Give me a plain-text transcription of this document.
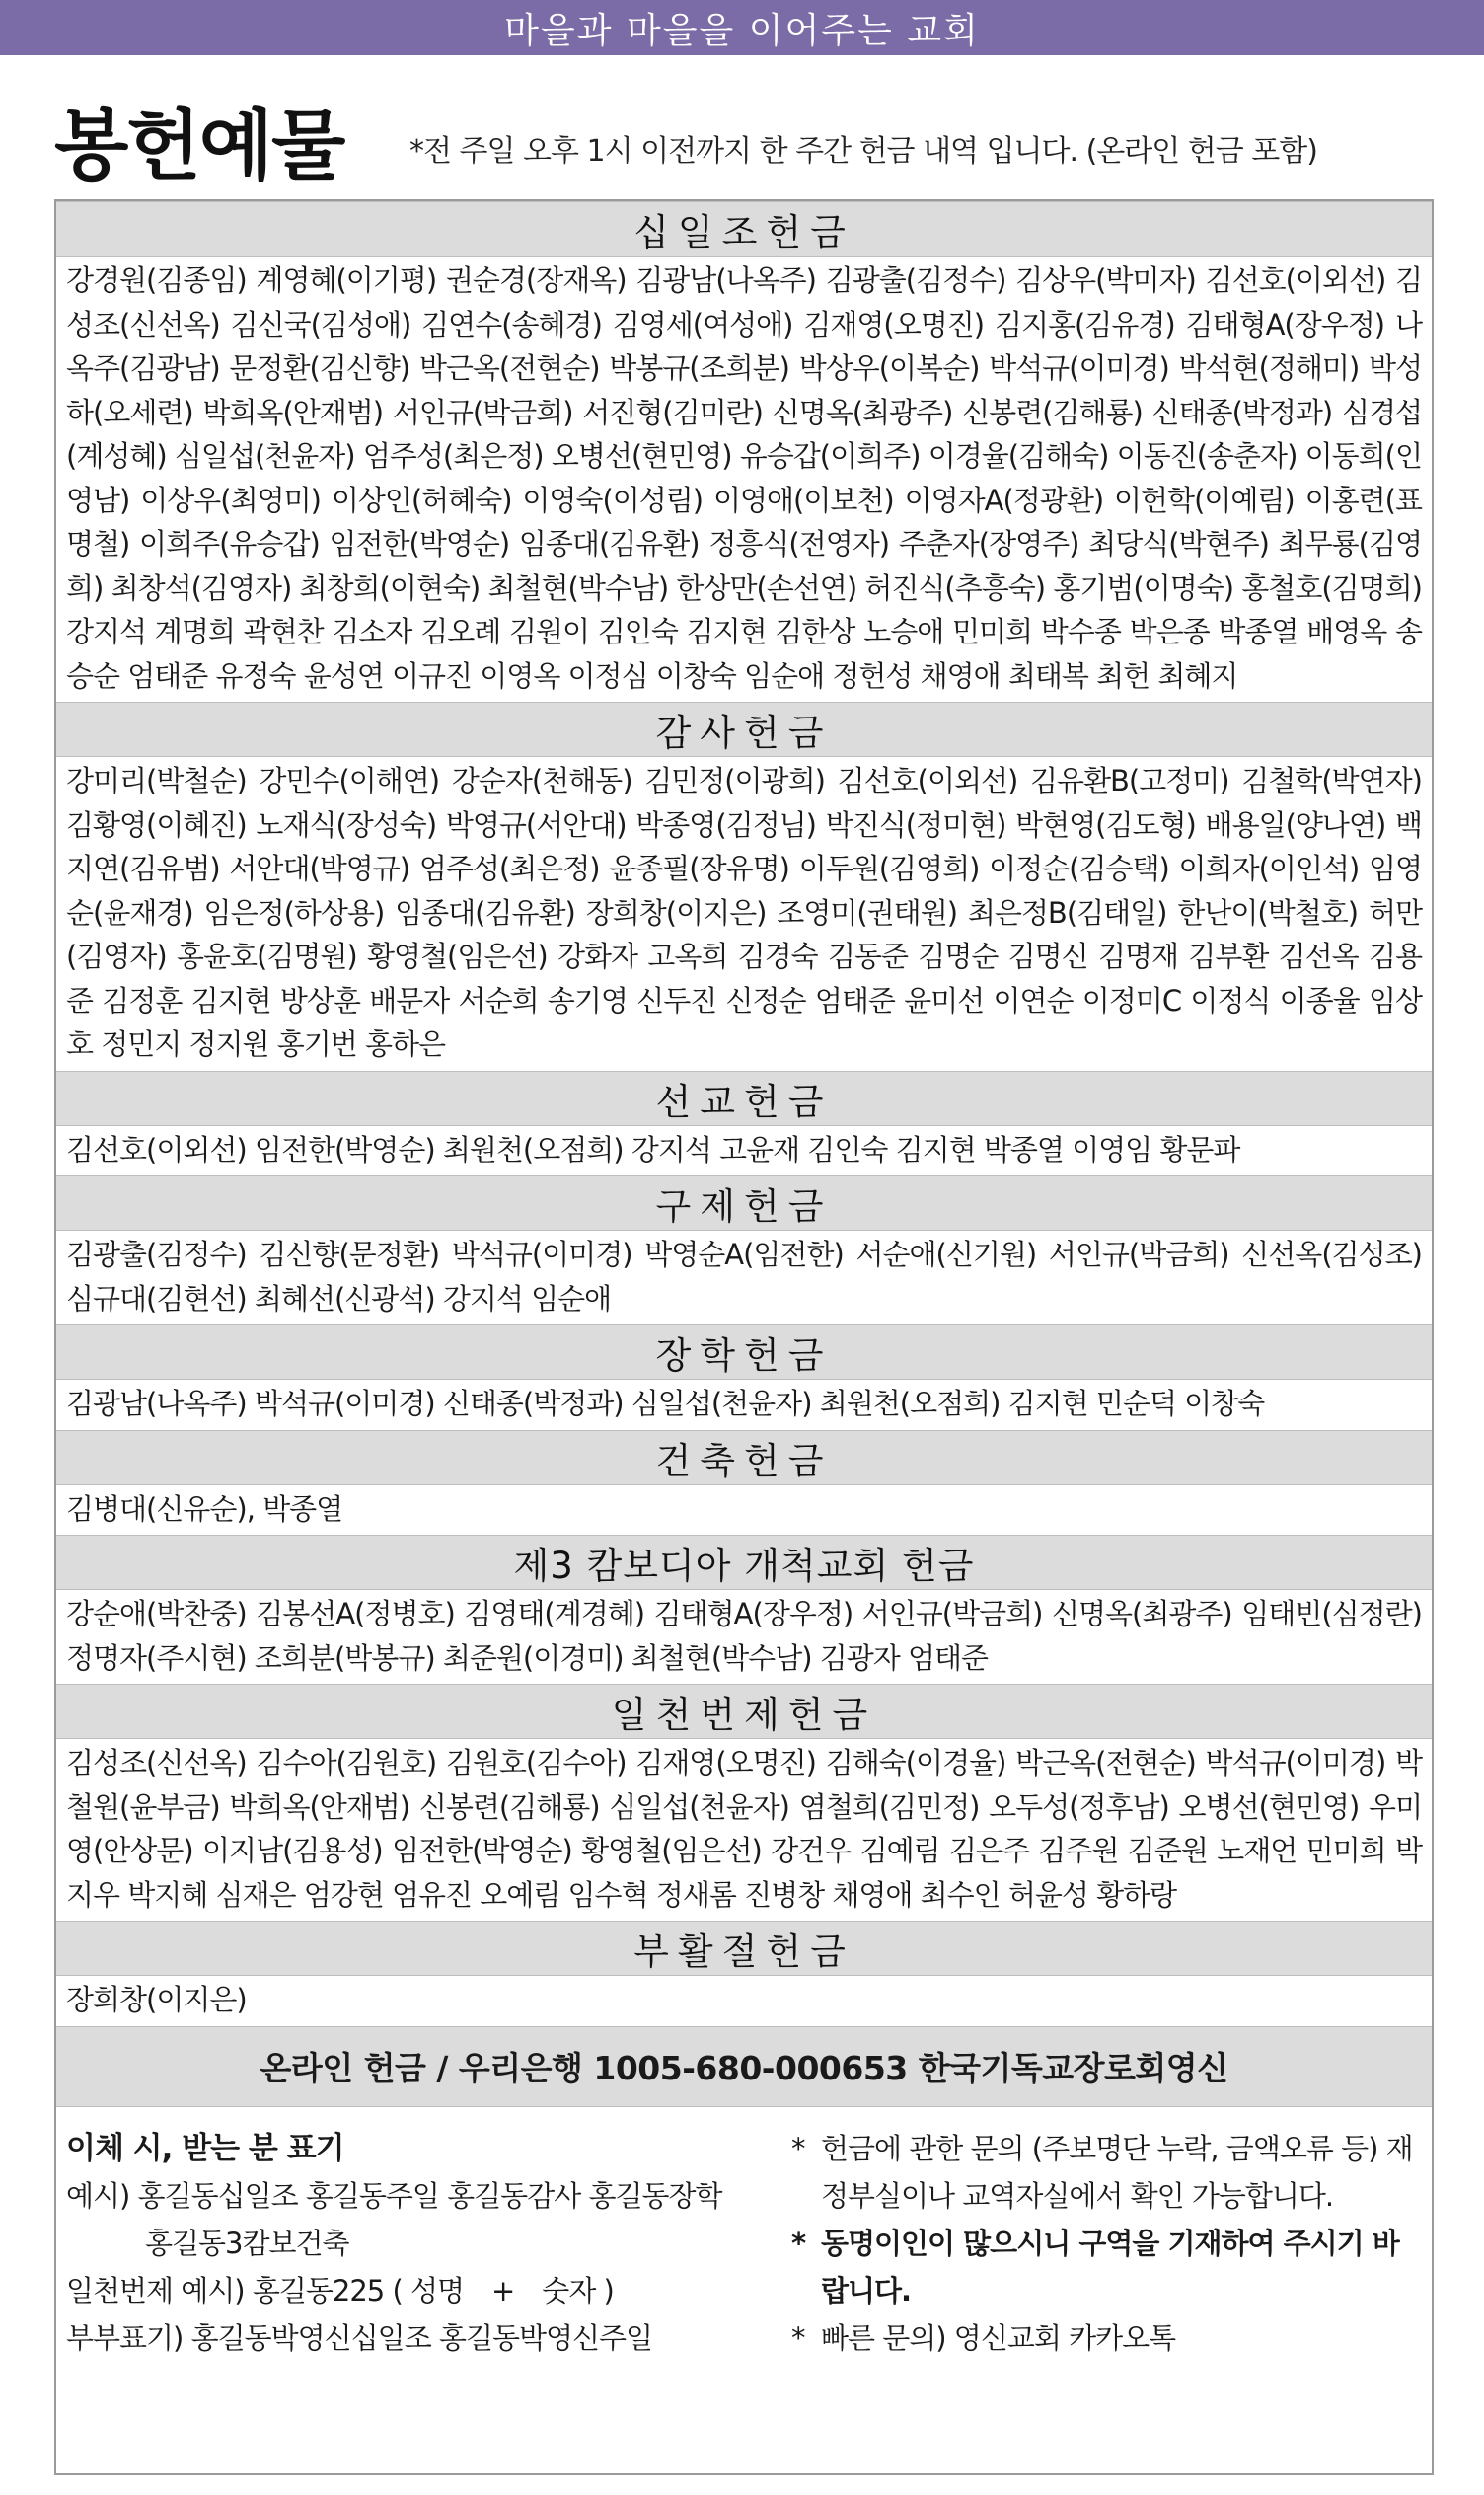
마을과 마을을 이어주는 교회
봉헌예물 *전 주일 오후 1시 이전까지 한 주간 헌금 내역 입니다. (온라인 헌금 포함)
십일조헌금
강경원(김종임) 계영혜(이기평) 권순경(장재옥) 김광남(나옥주) 김광출(김정수) 김상우(박미자) 김선호(이외선) 김성조(신선옥) 김신국(김성애) 김연수(송혜경) 김영세(여성애) 김재영(오명진) 김지홍(김유경) 김태형A(장우정) 나옥주(김광남) 문정환(김신향) 박근옥(전현순) 박봉규(조희분) 박상우(이복순) 박석규(이미경) 박석현(정해미) 박성하(오세련) 박희옥(안재범) 서인규(박금희) 서진형(김미란) 신명옥(최광주) 신봉련(김해룡) 신태종(박정과) 심경섭(계성혜) 심일섭(천윤자) 엄주성(최은정) 오병선(현민영) 유승갑(이희주) 이경율(김해숙) 이동진(송춘자) 이동희(인영남) 이상우(최영미) 이상인(허혜숙) 이영숙(이성림) 이영애(이보천) 이영자A(정광환) 이헌학(이예림) 이홍련(표명철) 이희주(유승갑) 임전한(박영순) 임종대(김유환) 정흥식(전영자) 주춘자(장영주) 최당식(박현주) 최무룡(김영희) 최창석(김영자) 최창희(이현숙) 최철현(박수남) 한상만(손선연) 허진식(추흥숙) 홍기범(이명숙) 홍철호(김명희) 강지석 계명희 곽현찬 김소자 김오례 김원이 김인숙 김지현 김한상 노승애 민미희 박수종 박은종 박종열 배영옥 송승순 엄태준 유정숙 윤성연 이규진 이영옥 이정심 이창숙 임순애 정헌성 채영애 최태복 최헌 최혜지
감사헌금
강미리(박철순) 강민수(이해연) 강순자(천해동) 김민정(이광희) 김선호(이외선) 김유환B(고정미) 김철학(박연자) 김황영(이혜진) 노재식(장성숙) 박영규(서안대) 박종영(김정님) 박진식(정미현) 박현영(김도형) 배용일(양나연) 백지연(김유범) 서안대(박영규) 엄주성(최은정) 윤종필(장유명) 이두원(김영희) 이정순(김승택) 이희자(이인석) 임영순(윤재경) 임은정(하상용) 임종대(김유환) 장희창(이지은) 조영미(권태원) 최은정B(김태일) 한난이(박철호) 허만(김영자) 홍윤호(김명원) 황영철(임은선) 강화자 고옥희 김경숙 김동준 김명순 김명신 김명재 김부환 김선옥 김용준 김정훈 김지현 방상훈 배문자 서순희 송기영 신두진 신정순 엄태준 윤미선 이연순 이정미C 이정식 이종율 임상호 정민지 정지원 홍기번 홍하은
선교헌금
김선호(이외선) 임전한(박영순) 최원천(오점희) 강지석 고윤재 김인숙 김지현 박종열 이영임 황문파
구제헌금
김광출(김정수) 김신향(문정환) 박석규(이미경) 박영순A(임전한) 서순애(신기원) 서인규(박금희) 신선옥(김성조) 심규대(김현선) 최혜선(신광석) 강지석 임순애
장학헌금
김광남(나옥주) 박석규(이미경) 신태종(박정과) 심일섭(천윤자) 최원천(오점희) 김지현 민순덕 이창숙
건축헌금
김병대(신유순), 박종열
제3 캄보디아 개척교회 헌금
강순애(박찬중) 김봉선A(정병호) 김영태(계경혜) 김태형A(장우정) 서인규(박금희) 신명옥(최광주) 임태빈(심정란) 정명자(주시현) 조희분(박봉규) 최준원(이경미) 최철현(박수남) 김광자 엄태준
일천번제헌금
김성조(신선옥) 김수아(김원호) 김원호(김수아) 김재영(오명진) 김해숙(이경율) 박근옥(전현순) 박석규(이미경) 박철원(윤부금) 박희옥(안재범) 신봉련(김해룡) 심일섭(천윤자) 염철희(김민정) 오두성(정후남) 오병선(현민영) 우미영(안상문) 이지남(김용성) 임전한(박영순) 황영철(임은선) 강건우 김예림 김은주 김주원 김준원 노재언 민미희 박지우 박지혜 심재은 엄강현 엄유진 오예림 임수혁 정새롬 진병창 채영애 최수인 허윤성 황하랑
부활절헌금
장희창(이지은)
온라인 헌금 / 우리은행 1005-680-000653 한국기독교장로회영신
이체 시, 받는 분 표기
예시) 홍길동십일조 홍길동주일 홍길동감사 홍길동장학
홍길동3캄보건축
일천번제 예시) 홍길동225 ( 성명　+　숫자 )
부부표기) 홍길동박영신십일조 홍길동박영신주일
* 헌금에 관한 문의 (주보명단 누락, 금액오류 등) 재정부실이나 교역자실에서 확인 가능합니다.
* 동명이인이 많으시니 구역을 기재하여 주시기 바랍니다.
* 빠른 문의) 영신교회 카카오톡
